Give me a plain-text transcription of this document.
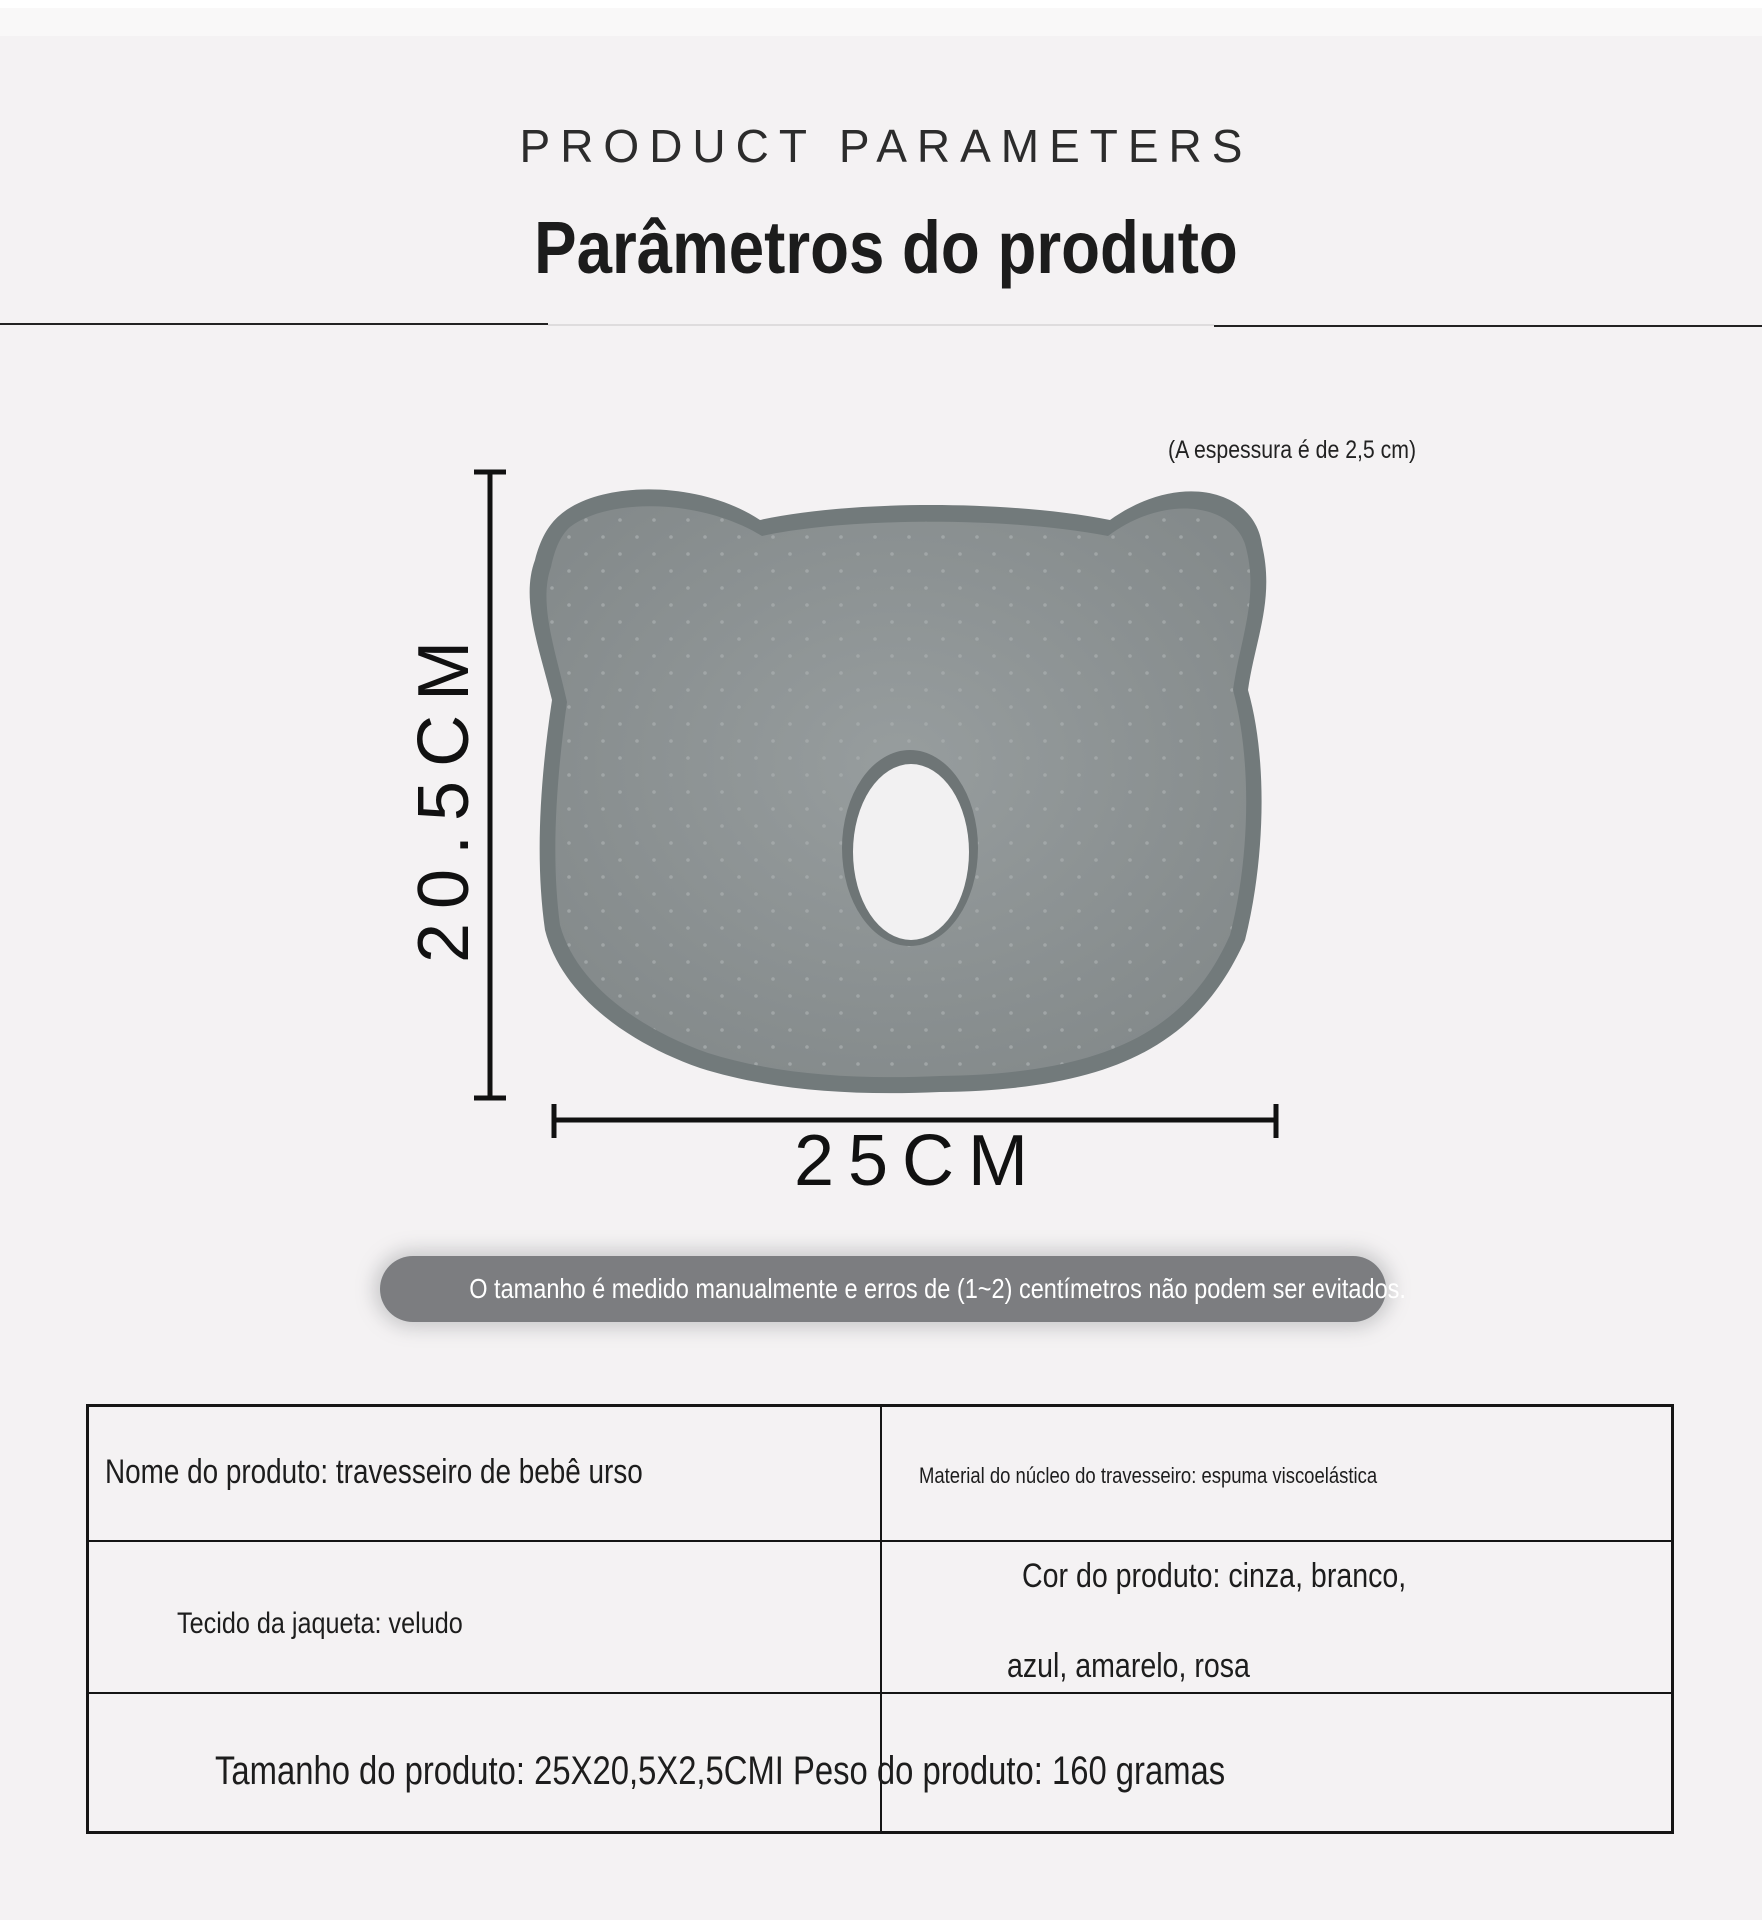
PRODUCT PARAMETERS
Parâmetros do produto
(A espessura é de 2,5 cm)
20.5CM
25CM
O tamanho é medido manualmente e erros de (1~2) centímetros não podem ser evitados.
Nome do produto: travesseiro de bebê urso	Material do núcleo do travesseiro: espuma viscoelástica
Tecido da jaqueta: veludo
Cor do produto: cinza, branco,
azul, amarelo, rosa
Tamanho do produto: 25X20,5X2,5CMI Peso do produto: 160 gramas
